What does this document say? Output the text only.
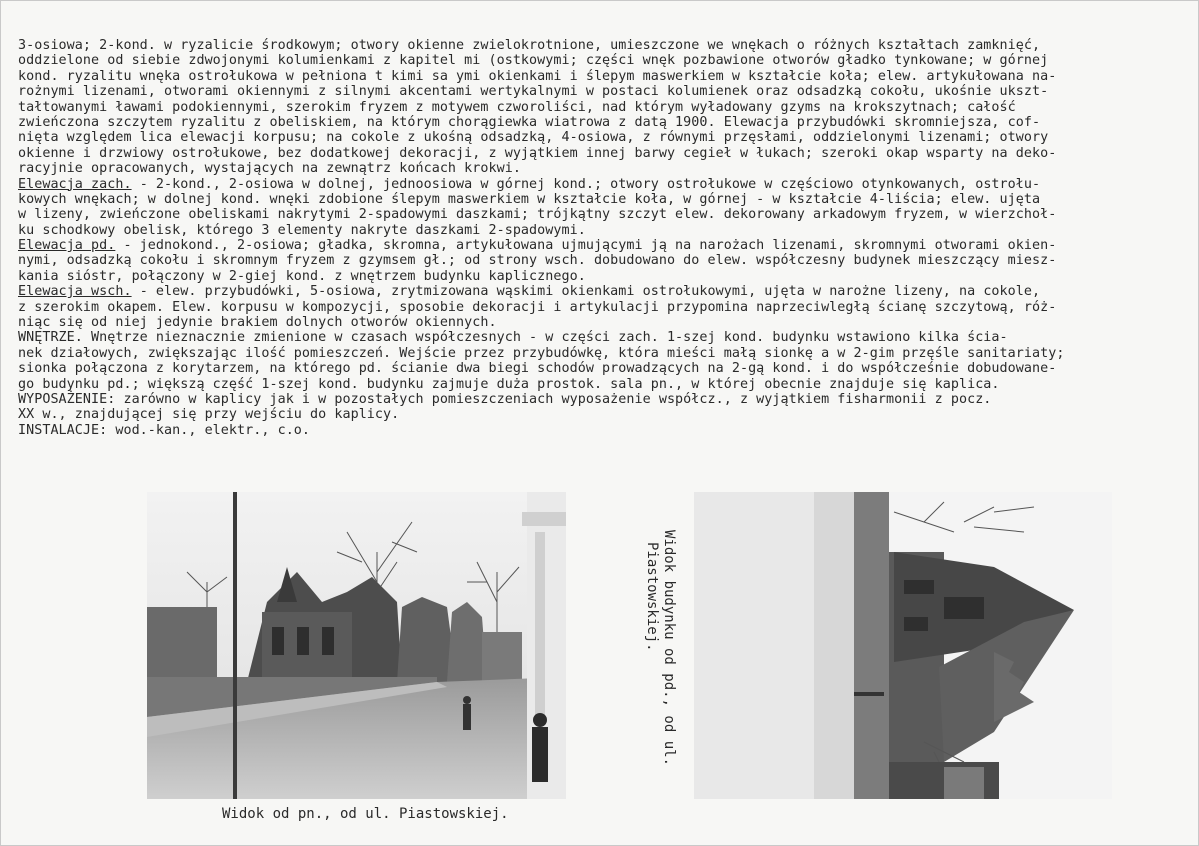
3-osiowa; 2-kond. w ryzalicie środkowym; otwory okienne zwielokrotnione, umieszczone we wnękach o różnych kształtach zamknięć,
oddzielone od siebie zdwojonymi kolumienkami z kapitel mi (ostkowymi; części wnęk pozbawione otworów gładko tynkowane; w górnej
kond. ryzalitu wnęka ostrołukowa w pełniona t kimi sa ymi okienkami i ślepym maswerkiem w kształcie koła; elew. artykułowana na-
rożnymi lizenami, otworami okiennymi z silnymi akcentami wertykalnymi w postaci kolumienek oraz odsadzką cokołu, ukośnie ukszt-
tałtowanymi ławami podokiennymi, szerokim fryzem z motywem czworoliści, nad którym wyładowany gzyms na krokszytnach; całość
zwieńczona szczytem ryzalitu z obeliskiem, na którym chorągiewka wiatrowa z datą 1900. Elewacja przybudówki skromniejsza, cof-
nięta względem lica elewacji korpusu; na cokole z ukośną odsadzką, 4-osiowa, z równymi przęsłami, oddzielonymi lizenami; otwory
okienne i drzwiowy ostrołukowe, bez dodatkowej dekoracji, z wyjątkiem innej barwy cegieł w łukach; szeroki okap wsparty na deko-
racyjnie opracowanych, wystających na zewnątrz końcach krokwi.
Elewacja zach. - 2-kond., 2-osiowa w dolnej, jednoosiowa w górnej kond.; otwory ostrołukowe w częściowo otynkowanych, ostrołu-
kowych wnękach; w dolnej kond. wnęki zdobione ślepym maswerkiem w kształcie koła, w górnej - w kształcie 4-liścia; elew. ujęta
w lizeny, zwieńczone obeliskami nakrytymi 2-spadowymi daszkami; trójkątny szczyt elew. dekorowany arkadowym fryzem, w wierzchoł-
ku schodkowy obelisk, którego 3 elementy nakryte daszkami 2-spadowymi.
Elewacja pd. - jednokond., 2-osiowa; gładka, skromna, artykułowana ujmującymi ją na narożach lizenami, skromnymi otworami okien-
nymi, odsadzką cokołu i skromnym fryzem z gzymsem gł.; od strony wsch. dobudowano do elew. współczesny budynek mieszczący miesz-
kania sióstr, połączony w 2-giej kond. z wnętrzem budynku kaplicznego.
Elewacja wsch. - elew. przybudówki, 5-osiowa, zrytmizowana wąskimi okienkami ostrołukowymi, ujęta w narożne lizeny, na cokole,
z szerokim okapem. Elew. korpusu w kompozycji, sposobie dekoracji i artykulacji przypomina naprzeciwległą ścianę szczytową, róż-
niąc się od niej jedynie brakiem dolnych otworów okiennych.
WNĘTRZE. Wnętrze nieznacznie zmienione w czasach współczesnych - w części zach. 1-szej kond. budynku wstawiono kilka ścia-
nek działowych, zwiększając ilość pomieszczeń. Wejście przez przybudówkę, która mieści małą sionkę a w 2-gim przęśle sanitariaty;
sionka połączona z korytarzem, na którego pd. ścianie dwa biegi schodów prowadzących na 2-gą kond. i do współcześnie dobudowane-
go budynku pd.; większą część 1-szej kond. budynku zajmuje duża prostok. sala pn., w której obecnie znajduje się kaplica.
WYPOSAŻENIE: zarówno w kaplicy jak i w pozostałych pomieszczeniach wyposażenie współcz., z wyjątkiem fisharmonii z pocz.
XX w., znajdującej się przy wejściu do kaplicy.
INSTALACJE: wod.-kan., elektr., c.o.
Widok od pn., od ul. Piastowskiej.
Widok budynku od pd., od ul.
Piastowskiej.
